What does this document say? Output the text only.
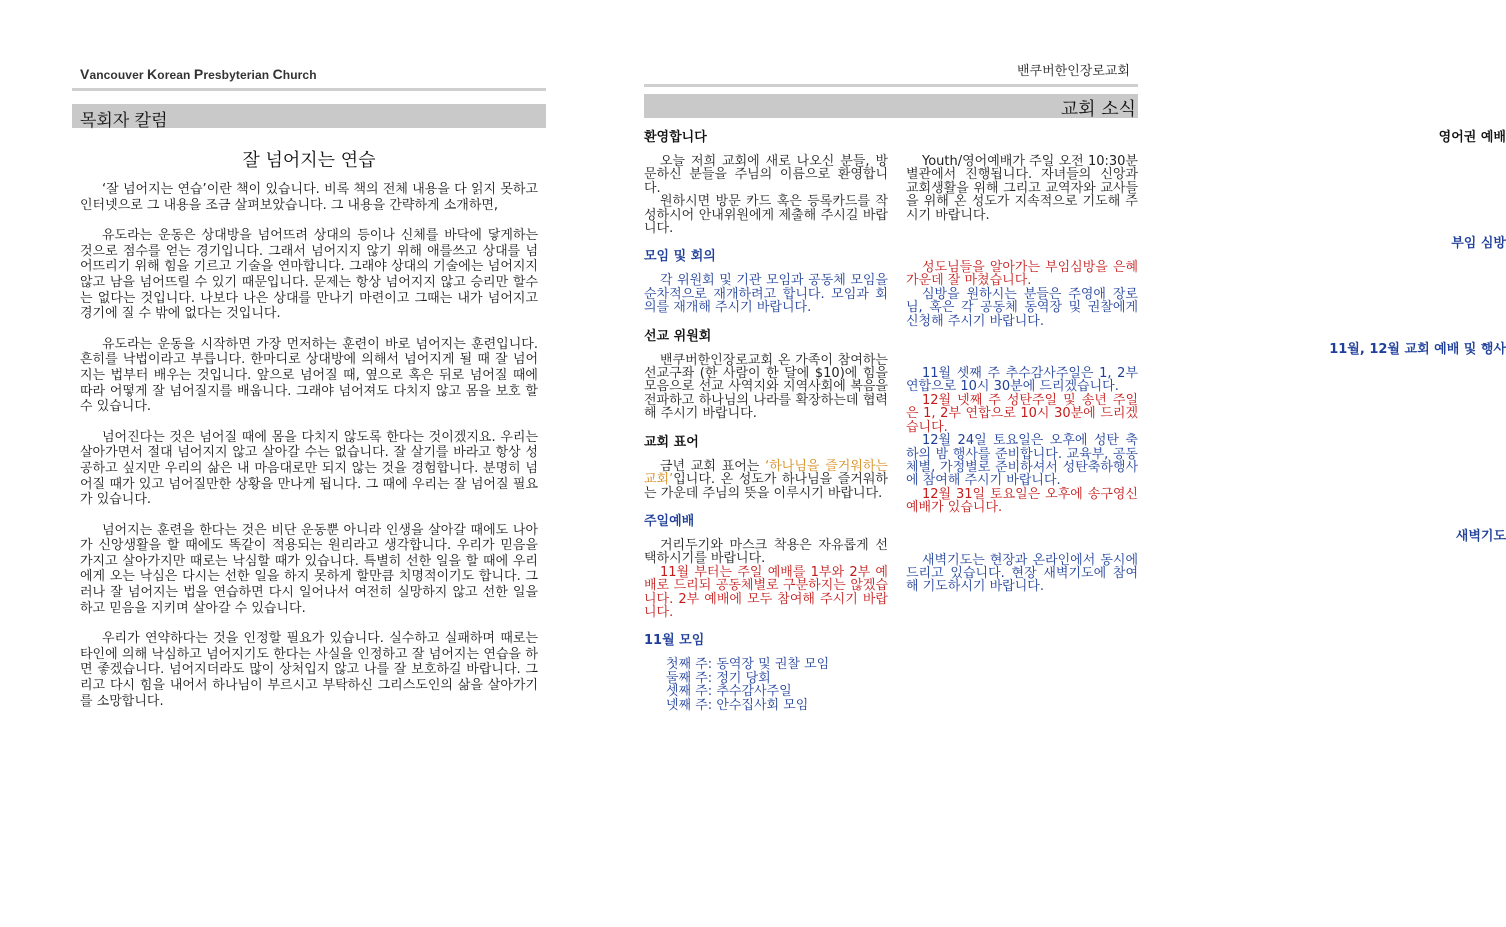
Vancouver Korean Presbyterian Church
목회자 칼럼
잘 넘어지는 연습

‘잘 넘어지는 연습’이란 책이 있습니다. 비록 책의 전체 내용을 다 읽지 못하고 인터넷으로 그 내용을 조금 살펴보았습니다. 그 내용을 간략하게 소개하면,

유도라는 운동은 상대방을 넘어뜨려 상대의 등이나 신체를 바닥에 닿게하는 것으로 점수를 얻는 경기입니다. 그래서 넘어지지 않기 위해 애를쓰고 상대를 넘어뜨리기 위해 힘을 기르고 기술을 연마합니다. 그래야 상대의 기술에는 넘어지지 않고 남을 넘어뜨릴 수 있기 때문입니다. 문제는 항상 넘어지지 않고 승리만 할수는 없다는 것입니다. 나보다 나은 상대를 만나기 마련이고 그때는 내가 넘어지고 경기에 질 수 밖에 없다는 것입니다.

유도라는 운동을 시작하면 가장 먼저하는 훈련이 바로 넘어지는 훈련입니다. 흔히를 낙법이라고 부릅니다. 한마디로 상대방에 의해서 넘어지게 될 때 잘 넘어지는 법부터 배우는 것입니다. 앞으로 넘어질 때, 옆으로 혹은 뒤로 넘어질 때에 따라 어떻게 잘 넘어질지를 배웁니다. 그래야 넘어져도 다치지 않고 몸을 보호 할 수 있습니다.

넘어진다는 것은 넘어질 때에 몸을 다치지 않도록 한다는 것이겠지요. 우리는 살아가면서 절대 넘어지지 않고 살아갈 수는 없습니다. 잘 살기를 바라고 항상 성공하고 싶지만 우리의 삶은 내 마음대로만 되지 않는 것을 경험합니다. 분명히 넘어질 때가 있고 넘어질만한 상황을 만나게 됩니다. 그 때에 우리는 잘 넘어질 필요가 있습니다.

넘어지는 훈련을 한다는 것은 비단 운동뿐 아니라 인생을 살아갈 때에도 나아가 신앙생활을 할 때에도 똑같이 적용되는 원리라고 생각합니다. 우리가 믿음을 가지고 살아가지만 때로는 낙심할 때가 있습니다. 특별히 선한 일을 할 때에 우리에게 오는 낙심은 다시는 선한 일을 하지 못하게 할만큼 치명적이기도 합니다. 그러나 잘 넘어지는 법을 연습하면 다시 일어나서 여전히 실망하지 않고 선한 일을 하고 믿음을 지키며 살아갈 수 있습니다.

우리가 연약하다는 것을 인정할 필요가 있습니다. 실수하고 실패하며 때로는 타인에 의해 낙심하고 넘어지기도 한다는 사실을 인정하고 잘 넘어지는 연습을 하면 좋겠습니다. 넘어지더라도 많이 상처입지 않고 나를 잘 보호하길 바랍니다. 그리고 다시 힘을 내어서 하나님이 부르시고 부탁하신 그리스도인의 삶을 살아가기를 소망합니다.

밴쿠버한인장로교회
교회 소식
환영합니다

오늘 저희 교회에 새로 나오신 분들, 방문하신 분들을 주님의 이름으로 환영합니다.

원하시면 방문 카드 혹은 등록카드를 작성하시어 안내위원에게 제출해 주시길 바랍니다.

모임 및 회의

각 위원회 및 기관 모임과 공동체 모임을 순차적으로 재개하려고 합니다. 모임과 회의를 재개해 주시기 바랍니다.

선교 위원회

밴쿠버한인장로교회 온 가족이 참여하는 선교구좌 (한 사람이 한 달에 $10)에 힘을 모음으로 선교 사역지와 지역사회에 복음을 전파하고 하나님의 나라를 확장하는데 협력해 주시기 바랍니다.

교회 표어

금년 교회 표어는 ‘하나님을 즐거워하는 교회’입니다. 온 성도가 하나님을 즐거워하는 가운데 주님의 뜻을 이루시기 바랍니다.

주일예배

거리두기와 마스크 착용은 자유롭게 선택하시기를 바랍니다.

11월 부터는 주일 예배를 1부와 2부 예배로 드리되 공동체별로 구분하지는 않겠습니다. 2부 예배에 모두 참여해 주시기 바랍니다.

11월 모임
첫째 주: 동역장 및 권찰 모임
둘째 주: 정기 당회
셋째 주: 추수감사주일
넷째 주: 안수집사회 모임
영어권 예배

Youth/영어예배가 주일 오전 10:30분 별관에서 진행됩니다. 자녀들의 신앙과 교회생활을 위해 그리고 교역자와 교사들을 위해 온 성도가 지속적으로 기도해 주시기 바랍니다.

부임 심방

성도님들을 알아가는 부임심방을 은혜 가운데 잘 마쳤습니다.

심방을 원하시는 분들은 주영애 장로님, 혹은 각 공동체 동역장 및 권찰에게 신청해 주시기 바랍니다.

11월, 12월 교회 예배 및 행사

11월 셋째 주 추수감사주일은 1, 2부 연합으로 10시 30분에 드리겠습니다.

12월 넷째 주 성탄주일 및 송년 주일은 1, 2부 연합으로 10시 30분에 드리겠습니다.

12월 24일 토요일은 오후에 성탄 축하의 밤 행사를 준비합니다. 교육부, 공동체별, 가정별로 준비하셔서 성탄축하행사에 참여해 주시기 바랍니다.

12월 31일 토요일은 오후에 송구영신예배가 있습니다.

새벽기도

새벽기도는 현장과 온라인에서 동시에 드리고 있습니다. 현장 새벽기도에 참여해 기도하시기 바랍니다.
